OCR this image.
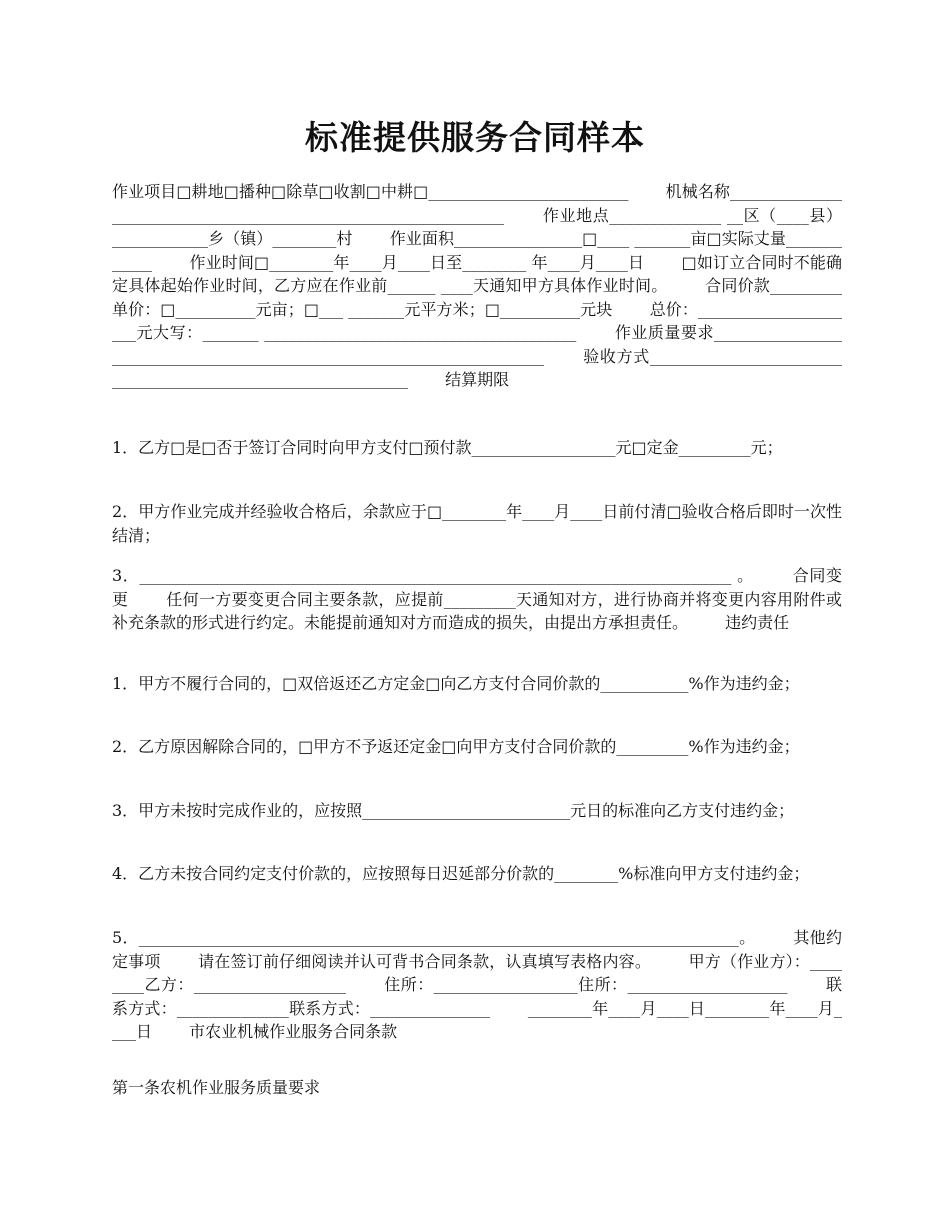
标准提供服务合同样本

作业项目□耕地□播种□除草□收割□中耕□_________________________ 　　机械名称_______________________________________________________________ 　　作业地点______________ __区（____县）____________乡（镇）________村 　　作业面积________________□____ _______亩□实际丈量____________ 　　作业时间□________年____月____日至________ 年____月____日 　　□如订立合同时不能确定具体起始作业时间，乙方应在作业前______ ____天通知甲方具体作业时间。 　　合同价款_________单价：□__________元亩；□___ _______元平方米；□__________元块 　　总价：_____________________元大写：_______ _______________________________________ 　　作业质量要求______________________________________________________________________ 　　验收方式_____________________________________________________________ 　　结算期限

1．乙方□是□否于签订合同时向甲方支付□预付款__________________元□定金_________元；

2．甲方作业完成并经验收合格后，余款应于□________年____月____日前付清□验收合格后即时一次性结清；

3．__________________________________________________________________________ 。 　　合同变更 　　任何一方要变更合同主要条款，应提前_________天通知对方，进行协商并将变更内容用附件或补充条款的形式进行约定。未能提前通知对方而造成的损失，由提出方承担责任。 　　违约责任

1．甲方不履行合同的，□双倍返还乙方定金□向乙方支付合同价款的___________%作为违约金；

2．乙方原因解除合同的，□甲方不予返还定金□向甲方支付合同价款的_________%作为违约金；

3．甲方未按时完成作业的，应按照__________________________元日的标准向乙方支付违约金；

4．乙方未按合同约定支付价款的，应按照每日迟延部分价款的________%标准向甲方支付违约金；

5．___________________________________________________________________________。 　　其他约定事项 　　请在签订前仔细阅读并认可背书合同条款，认真填写表格内容。 　　甲方（作业方）：________乙方：___________________ 　　住所：__________________住所：____________________ 　　联系方式：______________联系方式：_______________ 　　________年____月____日________年____月____日 　　市农业机械作业服务合同条款

第一条农机作业服务质量要求
